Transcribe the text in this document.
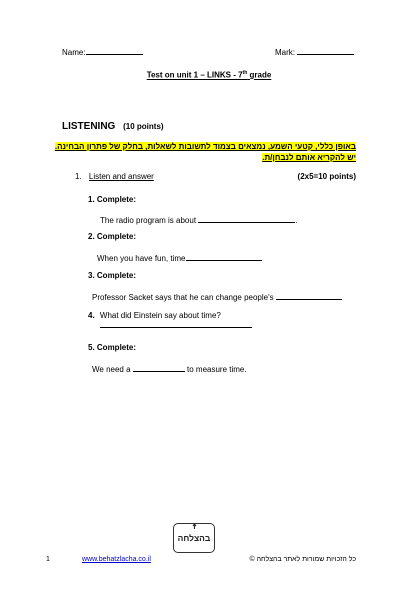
Name:	Mark:
Test on unit 1 – LINKS - 7th grade
LISTENING (10 points)
באופן כללי, קטעי השמע, נמצאים בצמוד לתשובות לשאלות, בחלק של פתרון הבחינה.
יש להקריא אותם לנבחן/ת.
1. Listen and answer	(2x5=10 points)
1. Complete:
The radio program is about	.
2. Complete:
When you have fun, time
3. Complete:
Professor Sacket says that he can change people's
4. What did Einstein say about time?
5. Complete:
We need a	to measure time.
בהצלחה
1	www.behatzlacha.co.il	כל הזכויות שמורות לאתר בהצלחה ©
